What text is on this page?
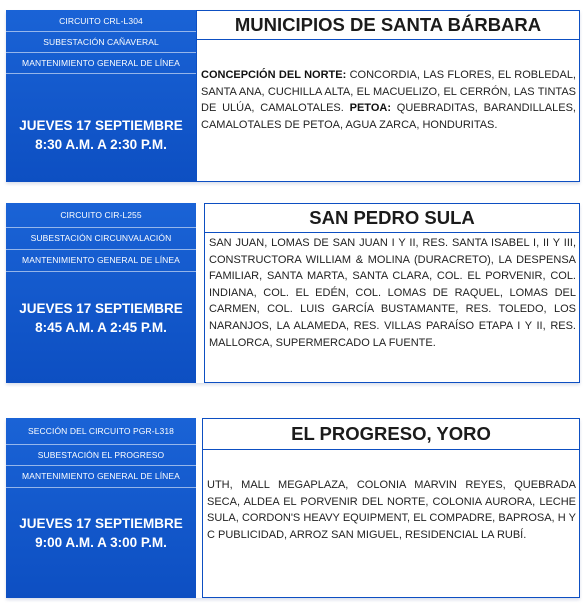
CIRCUITO CRL-L304
SUBESTACIÓN CAÑAVERAL
MANTENIMIENTO GENERAL DE LÍNEA
JUEVES 17 SEPTIEMBRE
8:30 A.M. A 2:30 P.M.
MUNICIPIOS DE SANTA BÁRBARA
CONCEPCIÓN DEL NORTE: CONCORDIA, LAS FLORES, EL ROBLEDAL, SANTA ANA, CUCHILLA ALTA, EL MACUELIZO, EL CERRÓN, LAS TINTAS DE ULÚA, CAMALOTALES. PETOA: QUEBRADITAS, BARANDILLALES, CAMALOTALES DE PETOA, AGUA ZARCA, HONDURITAS.
CIRCUITO CIR-L255
SUBESTACIÓN CIRCUNVALACIÓN
MANTENIMIENTO GENERAL DE LÍNEA
JUEVES 17 SEPTIEMBRE
8:45 A.M. A 2:45 P.M.
SAN PEDRO SULA
SAN JUAN, LOMAS DE SAN JUAN I Y II, RES. SANTA ISABEL I, II Y III, CONSTRUCTORA WILLIAM & MOLINA (DURACRETO), LA DESPENSA FAMILIAR, SANTA MARTA, SANTA CLARA, COL. EL PORVENIR, COL. INDIANA, COL. EL EDÉN, COL. LOMAS DE RAQUEL, LOMAS DEL CARMEN, COL. LUIS GARCÍA BUSTAMANTE, RES. TOLEDO, LOS NARANJOS, LA ALAMEDA, RES. VILLAS PARAÍSO ETAPA I Y II, RES. MALLORCA, SUPERMERCADO LA FUENTE.
SECCIÓN DEL CIRCUITO PGR-L318
SUBESTACIÓN EL PROGRESO
MANTENIMIENTO GENERAL DE LÍNEA
JUEVES 17 SEPTIEMBRE
9:00 A.M. A 3:00 P.M.
EL PROGRESO, YORO
UTH, MALL MEGAPLAZA, COLONIA MARVIN REYES, QUEBRADA SECA, ALDEA EL PORVENIR DEL NORTE, COLONIA AURORA, LECHE SULA, CORDON'S HEAVY EQUIPMENT, EL COMPADRE, BAPROSA, H Y C PUBLICIDAD, ARROZ SAN MIGUEL, RESIDENCIAL LA RUBÍ.
